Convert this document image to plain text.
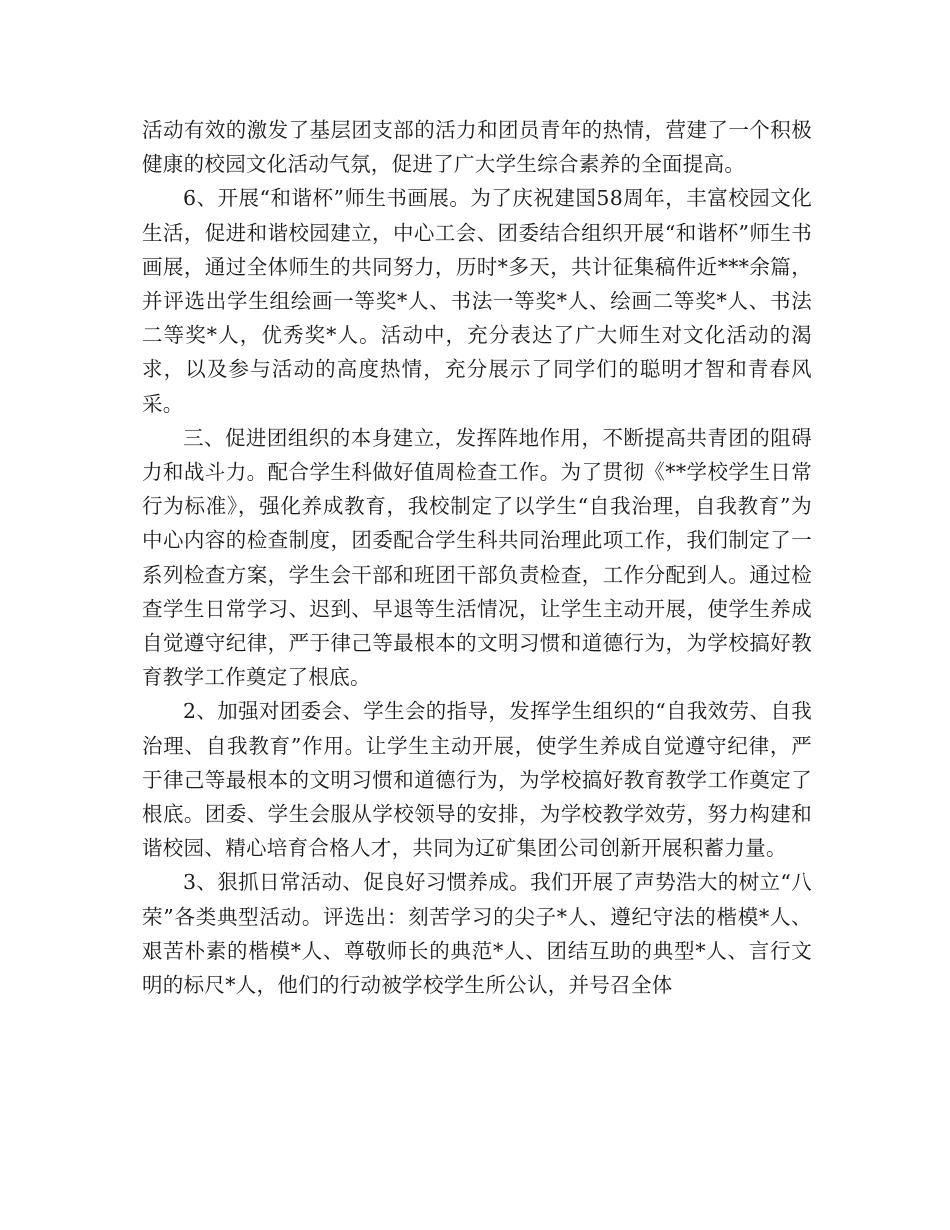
活动有效的激发了基层团支部的活力和团员青年的热情，营建了一个积极健康的校园文化活动气氛，促进了广大学生综合素养的全面提高。

6、开展“和谐杯”师生书画展。为了庆祝建国58周年，丰富校园文化生活，促进和谐校园建立，中心工会、团委结合组织开展“和谐杯”师生书画展，通过全体师生的共同努力，历时*多天，共计征集稿件近***余篇，并评选出学生组绘画一等奖*人、书法一等奖*人、绘画二等奖*人、书法二等奖*人，优秀奖*人。活动中，充分表达了广大师生对文化活动的渴求，以及参与活动的高度热情，充分展示了同学们的聪明才智和青春风采。

三、促进团组织的本身建立，发挥阵地作用，不断提高共青团的阻碍力和战斗力。配合学生科做好值周检查工作。为了贯彻《**学校学生日常行为标准》，强化养成教育，我校制定了以学生“自我治理，自我教育”为中心内容的检查制度，团委配合学生科共同治理此项工作，我们制定了一系列检查方案，学生会干部和班团干部负责检查，工作分配到人。通过检查学生日常学习、迟到、早退等生活情况，让学生主动开展，使学生养成自觉遵守纪律，严于律己等最根本的文明习惯和道德行为，为学校搞好教育教学工作奠定了根底。

2、加强对团委会、学生会的指导，发挥学生组织的“自我效劳、自我治理、自我教育”作用。让学生主动开展，使学生养成自觉遵守纪律，严于律己等最根本的文明习惯和道德行为，为学校搞好教育教学工作奠定了根底。团委、学生会服从学校领导的安排，为学校教学效劳，努力构建和谐校园、精心培育合格人才，共同为辽矿集团公司创新开展积蓄力量。

3、狠抓日常活动、促良好习惯养成。我们开展了声势浩大的树立“八荣”各类典型活动。评选出：刻苦学习的尖子*人、遵纪守法的楷模*人、艰苦朴素的楷模*人、尊敬师长的典范*人、团结互助的典型*人、言行文明的标尺*人，他们的行动被学校学生所公认，并号召全体
